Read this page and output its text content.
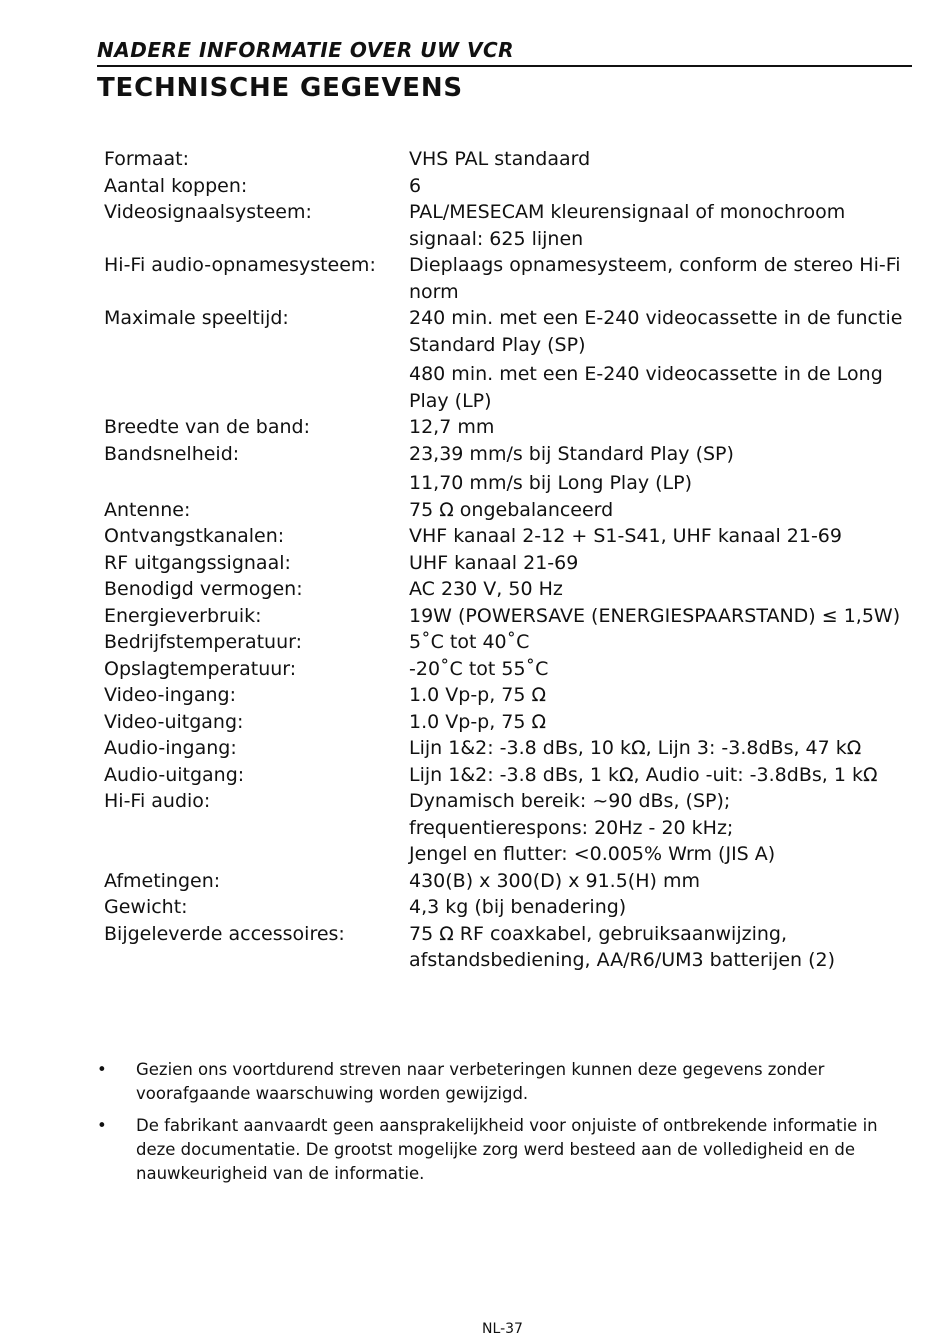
NADERE INFORMATIE OVER UW VCR
TECHNISCHE GEGEVENS
Formaat:	VHS PAL standaard
Aantal koppen:	6
Videosignaalsysteem:	PAL/MESECAM kleurensignaal of monochroom signaal: 625 lijnen
Hi-Fi audio-opnamesysteem:	Dieplaags opnamesysteem, conform de stereo Hi-Fi norm
Maximale speeltijd:	240 min. met een E-240 videocassette in de functie Standard Play (SP)
480 min. met een E-240 videocassette in de Long Play (LP)
Breedte van de band:	12,7 mm
Bandsnelheid:	23,39 mm/s bij Standard Play (SP)
11,70 mm/s bij Long Play (LP)
Antenne:	75 Ω ongebalanceerd
Ontvangstkanalen:	VHF kanaal 2-12 + S1-S41, UHF kanaal 21-69
RF uitgangssignaal:	UHF kanaal 21-69
Benodigd vermogen:	AC 230 V, 50 Hz
Energieverbruik:	19W (POWERSAVE (ENERGIESPAARSTAND) ≤ 1,5W)
Bedrijfstemperatuur:	5˚C tot 40˚C
Opslagtemperatuur:	-20˚C tot 55˚C
Video-ingang:	1.0 Vp-p, 75 Ω
Video-uitgang:	1.0 Vp-p, 75 Ω
Audio-ingang:	Lijn 1&2: -3.8 dBs, 10 kΩ, Lijn 3: -3.8dBs, 47 kΩ
Audio-uitgang:	Lijn 1&2: -3.8 dBs, 1 kΩ, Audio -uit: -3.8dBs, 1 kΩ
Hi-Fi audio:	Dynamisch bereik: ~90 dBs, (SP);
frequentierespons: 20Hz - 20 kHz;
Jengel en flutter: <0.005% Wrm (JIS A)
Afmetingen:	430(B) x 300(D) x 91.5(H) mm
Gewicht:	4,3 kg (bij benadering)
Bijgeleverde accessoires:	75 Ω RF coaxkabel, gebruiksaanwijzing, afstandsbediening, AA/R6/UM3 batterijen (2)
•	Gezien ons voortdurend streven naar verbeteringen kunnen deze gegevens zonder voorafgaande waarschuwing worden gewijzigd.
•	De fabrikant aanvaardt geen aansprakelijkheid voor onjuiste of ontbrekende informatie in deze documentatie. De grootst mogelijke zorg werd besteed aan de volledigheid en de nauwkeurigheid van de informatie.
NL-37
